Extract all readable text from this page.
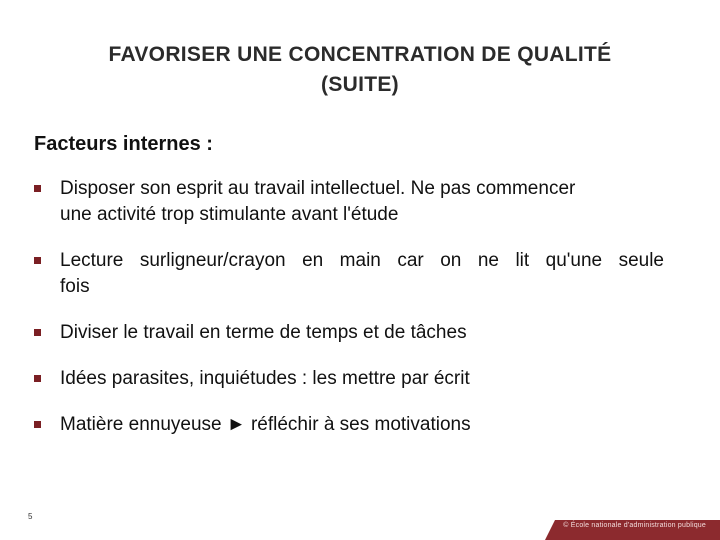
FAVORISER UNE CONCENTRATION DE QUALITÉ
(SUITE)
Facteurs internes :
Disposer son esprit au travail intellectuel. Ne pas commencer
une activité trop stimulante avant l'étude
Lecture surligneur/crayon en main car on ne lit qu'une seule
fois
Diviser le travail en terme de temps et de tâches
Idées parasites, inquiétudes : les mettre par écrit
Matière ennuyeuse ► réfléchir à ses motivations
5
© École nationale d'administration publique
